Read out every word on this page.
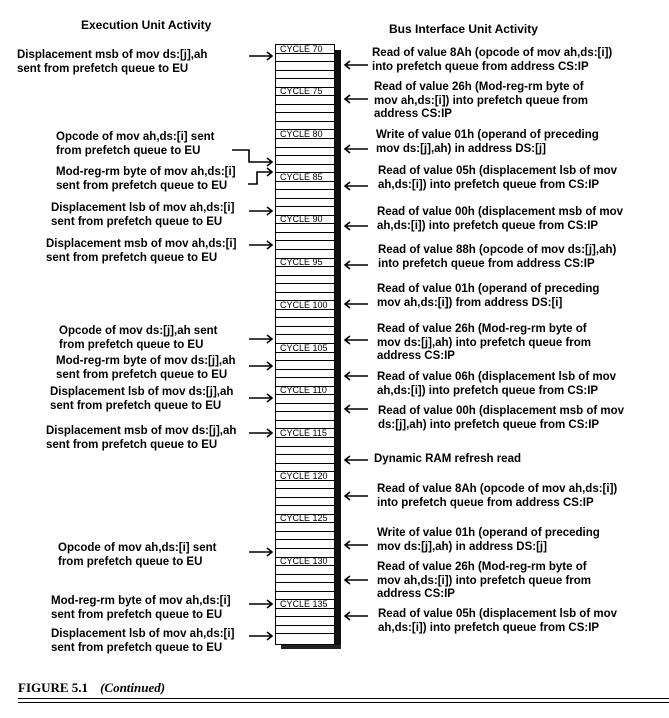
Execution Unit Activity	Bus Interface Unit Activity
CYCLE 70
CYCLE 75
CYCLE 80
CYCLE 85
CYCLE 90
CYCLE 95
CYCLE 100
CYCLE 105
CYCLE 110
CYCLE 115
CYCLE 120
CYCLE 125
CYCLE 130
CYCLE 135
Displacement msb of mov ds:[j],ah
sent from prefetch queue to EU
Opcode of mov ah,ds:[i] sent
from prefetch queue to EU
Mod-reg-rm byte of mov ah,ds:[i]
sent from prefetch queue to EU
Displacement lsb of mov ah,ds:[i]
sent from prefetch queue to EU
Displacement msb of mov ah,ds:[i]
sent from prefetch queue to EU
Opcode of mov ds:[j],ah sent
from prefetch queue to EU
Mod-reg-rm byte of mov ds:[j],ah
sent from prefetch queue to EU
Displacement lsb of mov ds:[j],ah
sent from prefetch queue to EU
Displacement msb of mov ds:[j],ah
sent from prefetch queue to EU
Opcode of mov ah,ds:[i] sent
from prefetch queue to EU
Mod-reg-rm byte of mov ah,ds:[i]
sent from prefetch queue to EU
Displacement lsb of mov ah,ds:[i]
sent from prefetch queue to EU
Read of value 8Ah (opcode of mov ah,ds:[i])
into prefetch queue from address CS:IP
Read of value 26h (Mod-reg-rm byte of
mov ah,ds:[i]) into prefetch queue from
address CS:IP
Write of value 01h (operand of preceding
mov ds:[j],ah) in address DS:[j]
Read of value 05h (displacement lsb of mov
ah,ds:[i]) into prefetch queue from CS:IP
Read of value 00h (displacement msb of mov
ah,ds:[i]) into prefetch queue from CS:IP
Read of value 88h (opcode of mov ds:[j],ah)
into prefetch queue from address CS:IP
Read of value 01h (operand of preceding
mov ah,ds:[i]) from address DS:[i]
Read of value 26h (Mod-reg-rm byte of
mov ds:[j],ah) into prefetch queue from
address CS:IP
Read of value 06h (displacement lsb of mov
ah,ds:[i]) into prefetch queue from CS:IP
Read of value 00h (displacement msb of mov
ds:[j],ah) into prefetch queue from CS:IP
Dynamic RAM refresh read
Read of value 8Ah (opcode of mov ah,ds:[i])
into prefetch queue from address CS:IP
Write of value 01h (operand of preceding
mov ds:[j],ah) in address DS:[j]
Read of value 26h (Mod-reg-rm byte of
mov ah,ds:[i]) into prefetch queue from
address CS:IP
Read of value 05h (displacement lsb of mov
ah,ds:[i]) into prefetch queue from CS:IP
FIGURE 5.1 (Continued)
